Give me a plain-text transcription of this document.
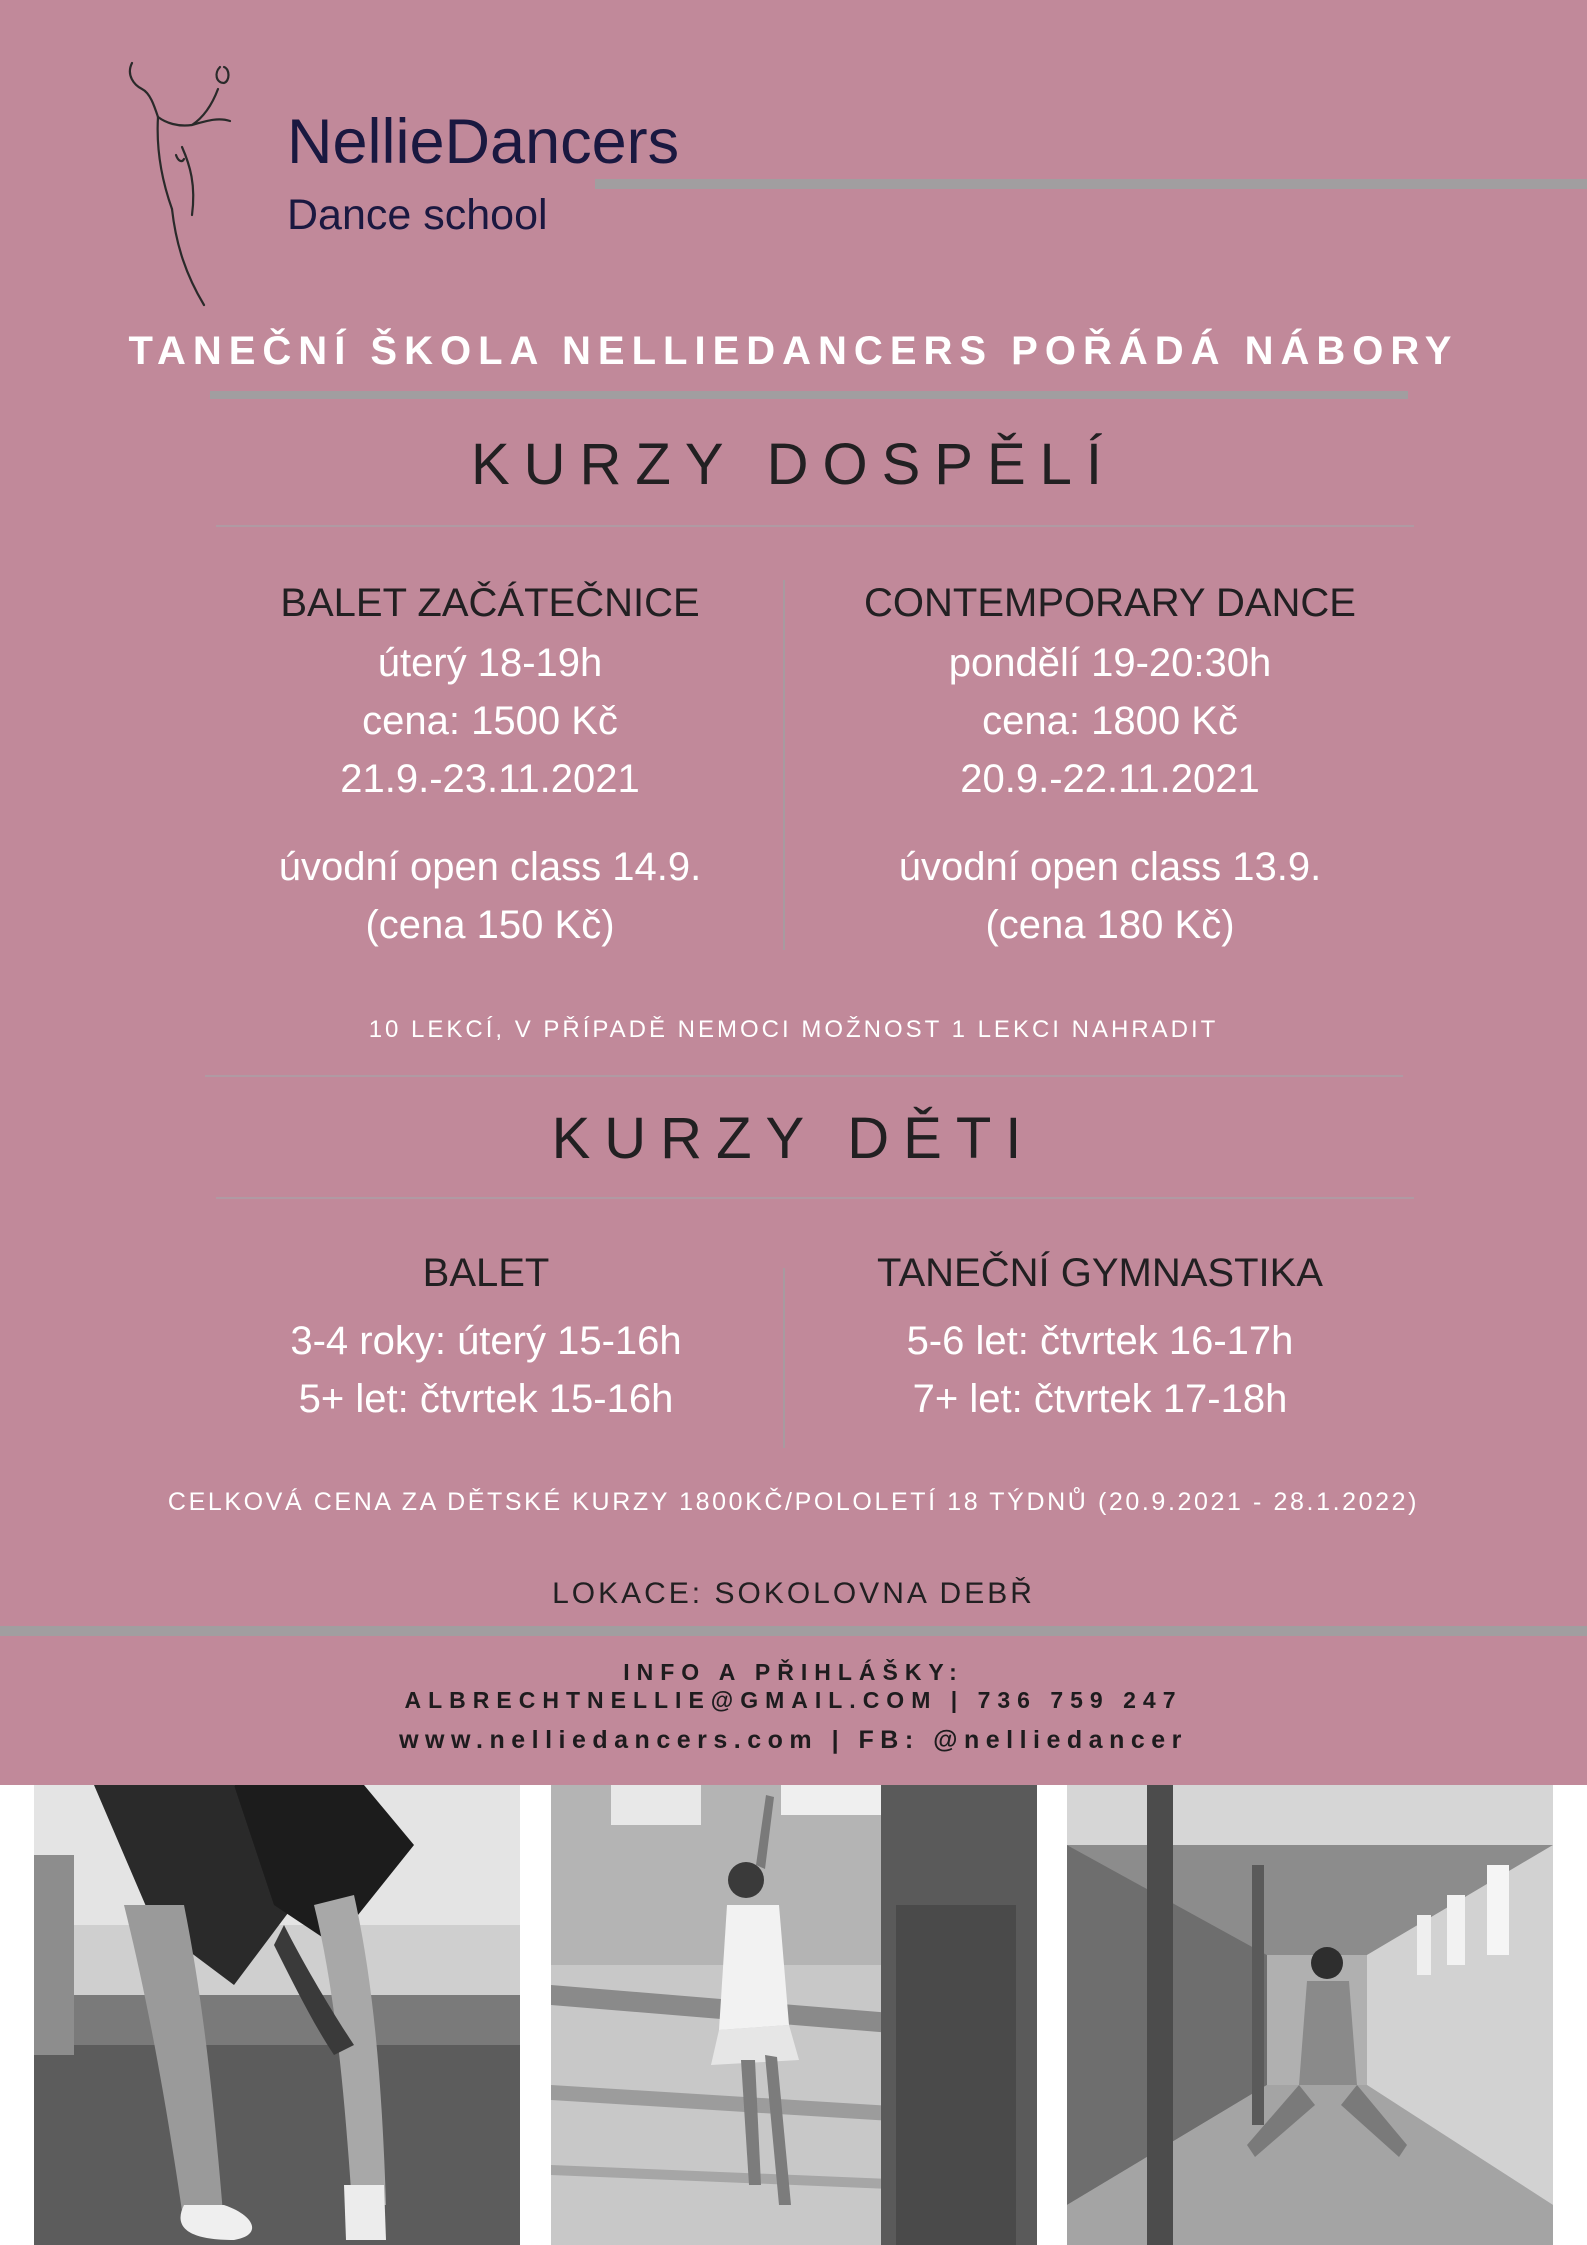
NellieDancers
Dance school
TANEČNÍ ŠKOLA NELLIEDANCERS POŘÁDÁ NÁBORY
KURZY DOSPĚLÍ
BALET ZAČÁTEČNICE
úterý 18-19h
cena: 1500 Kč
21.9.-23.11.2021
úvodní open class 14.9.
(cena 150 Kč)
CONTEMPORARY DANCE
pondělí 19-20:30h
cena: 1800 Kč
20.9.-22.11.2021
úvodní open class 13.9.
(cena 180 Kč)
10 LEKCÍ, V PŘÍPADĚ NEMOCI MOŽNOST 1 LEKCI NAHRADIT
KURZY DĚTI
BALET
3-4 roky: úterý 15-16h
5+ let: čtvrtek 15-16h
TANEČNÍ GYMNASTIKA
5-6 let: čtvrtek 16-17h
7+ let: čtvrtek 17-18h
CELKOVÁ CENA ZA DĚTSKÉ KURZY 1800KČ/POLOLETÍ 18 TÝDNŮ (20.9.2021 - 28.1.2022)
LOKACE: SOKOLOVNA DEBŘ
INFO A PŘIHLÁŠKY:
ALBRECHTNELLIE@GMAIL.COM | 736 759 247
www.nelliedancers.com | FB: @nelliedancer
